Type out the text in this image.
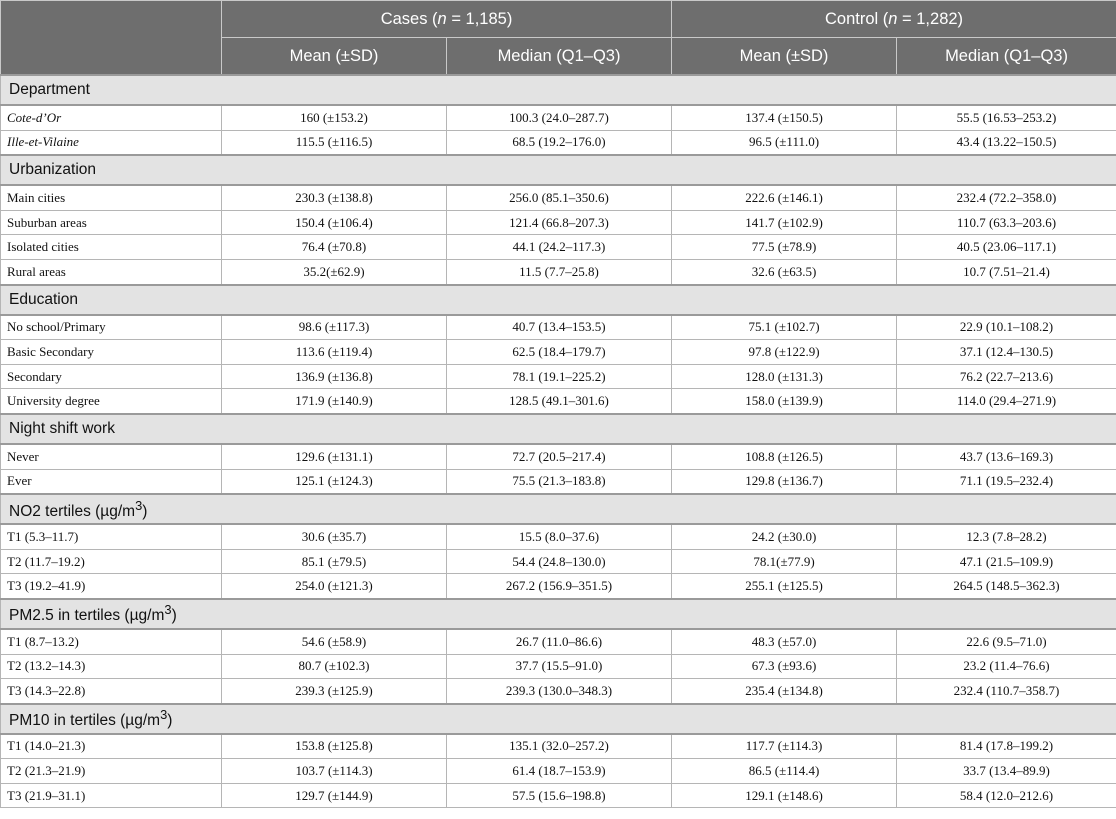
	Cases (n = 1,185)		Control (n = 1,282)	
	Mean (±SD)	Median (Q1–Q3)	Mean (±SD)	Median (Q1–Q3)
Department				
Cote-d’Or	160 (±153.2)	100.3 (24.0–287.7)	137.4 (±150.5)	55.5 (16.53–253.2)
Ille-et-Vilaine	115.5 (±116.5)	68.5 (19.2–176.0)	96.5 (±111.0)	43.4 (13.22–150.5)
Urbanization				
Main cities	230.3 (±138.8)	256.0 (85.1–350.6)	222.6 (±146.1)	232.4 (72.2–358.0)
Suburban areas	150.4 (±106.4)	121.4 (66.8–207.3)	141.7 (±102.9)	110.7 (63.3–203.6)
Isolated cities	76.4 (±70.8)	44.1 (24.2–117.3)	77.5 (±78.9)	40.5 (23.06–117.1)
Rural areas	35.2(±62.9)	11.5 (7.7–25.8)	32.6 (±63.5)	10.7 (7.51–21.4)
Education				
No school/Primary	98.6 (±117.3)	40.7 (13.4–153.5)	75.1 (±102.7)	22.9 (10.1–108.2)
Basic Secondary	113.6 (±119.4)	62.5 (18.4–179.7)	97.8 (±122.9)	37.1 (12.4–130.5)
Secondary	136.9 (±136.8)	78.1 (19.1–225.2)	128.0 (±131.3)	76.2 (22.7–213.6)
University degree	171.9 (±140.9)	128.5 (49.1–301.6)	158.0 (±139.9)	114.0 (29.4–271.9)
Night shift work				
Never	129.6 (±131.1)	72.7 (20.5–217.4)	108.8 (±126.5)	43.7 (13.6–169.3)
Ever	125.1 (±124.3)	75.5 (21.3–183.8)	129.8 (±136.7)	71.1 (19.5–232.4)
NO2 tertiles $(\mu g/m^3)$				
T1 (5.3–11.7)	30.6 (±35.7)	15.5 (8.0–37.6)	24.2 (±30.0)	12.3 (7.8–28.2)
T2 (11.7–19.2)	85.1 (±79.5)	54.4 (24.8–130.0)	78.1(±77.9)	47.1 (21.5–109.9)
T3 (19.2–41.9)	254.0 (±121.3)	267.2 (156.9–351.5)	255.1 (±125.5)	264.5 (148.5–362.3)
PM2.5 in tertiles $(\mu g/m^3)$				
T1 (8.7–13.2)	54.6 (±58.9)	26.7 (11.0–86.6)	48.3 (±57.0)	22.6 (9.5–71.0)
T2 (13.2–14.3)	80.7 (±102.3)	37.7 (15.5–91.0)	67.3 (±93.6)	23.2 (11.4–76.6)
T3 (14.3–22.8)	239.3 (±125.9)	239.3 (130.0–348.3)	235.4 (±134.8)	232.4 (110.7–358.7)
PM10 in tertiles $(\mu g/m^3)$				
T1 (14.0–21.3)	153.8 (±125.8)	135.1 (32.0–257.2)	117.7 (±114.3)	81.4 (17.8–199.2)
T2 (21.3–21.9)	103.7 (±114.3)	61.4 (18.7–153.9)	86.5 (±114.4)	33.7 (13.4–89.9)
T3 (21.9–31.1)	129.7 (±144.9)	57.5 (15.6–198.8)	129.1 (±148.6)	58.4 (12.0–212.6)
